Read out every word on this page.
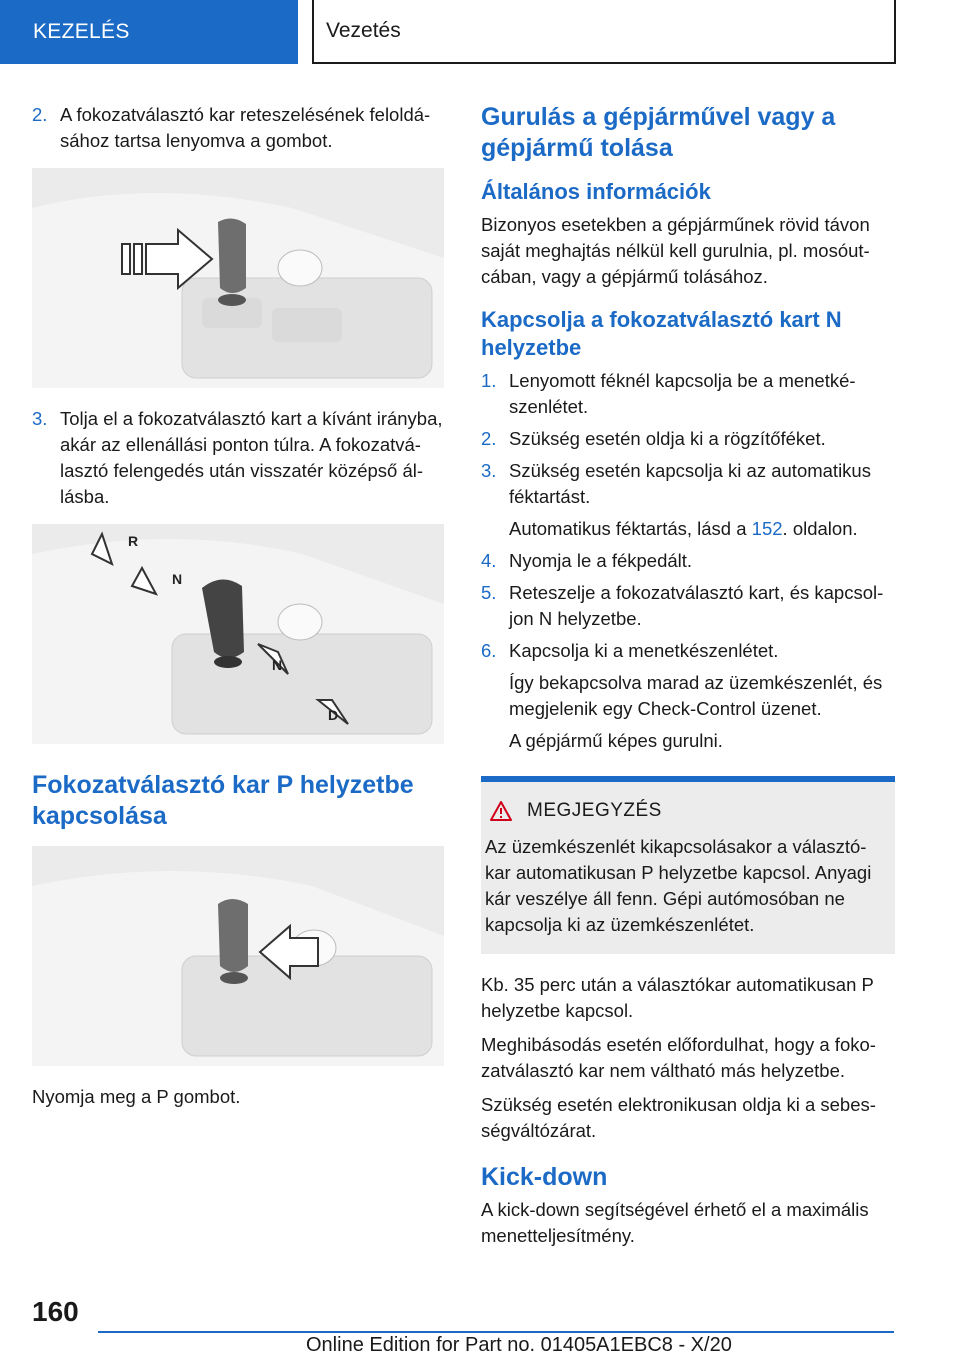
KEZELÉS	Vezetés
2. A fokozatválasztó kar reteszelésének feloldá- sához tartsa lenyomva a gombot.
3. Tolja el a fokozatválasztó kart a kívánt irányba, akár az ellenállási ponton túlra. A fokozatvá- lasztó felengedés után visszatér középső ál- lásba.
R
N
N
D
Fokozatválasztó kar P helyzetbe kapcsolása

Nyomja meg a P gombot.

Gurulás a gépjárművel vagy a gépjármű tolása
Általános információk

Bizonyos esetekben a gépjárműnek rövid távon saját meghajtás nélkül kell gurulnia, pl. mosóut- cában, vagy a gépjármű tolásához.

Kapcsolja a fokozatválasztó kart N helyzetbe
1. Lenyomott féknél kapcsolja be a menetké- szenlétet.
2. Szükség esetén oldja ki a rögzítőféket.
3. Szükség esetén kapcsolja ki az automatikus féktartást.
Automatikus féktartás, lásd a 152. oldalon.
4. Nyomja le a fékpedált.
5. Reteszelje a fokozatválasztó kart, és kapcsol- jon N helyzetbe.
6. Kapcsolja ki a menetkészenlétet.
Így bekapcsolva marad az üzemkészenlét, és megjelenik egy Check-Control üzenet.
A gépjármű képes gurulni.
MEGJEGYZÉS
Az üzemkészenlét kikapcsolásakor a választó- kar automatikusan P helyzetbe kapcsol. Anyagi kár veszélye áll fenn. Gépi autómosóban ne kapcsolja ki az üzemkészenlétet.

Kb. 35 perc után a választókar automatikusan P helyzetbe kapcsol.

Meghibásodás esetén előfordulhat, hogy a foko- zatválasztó kar nem váltható más helyzetbe.

Szükség esetén elektronikusan oldja ki a sebes- ségváltózárat.

Kick-down

A kick-down segítségével érhető el a maximális menetteljesítmény.

160
Online Edition for Part no. 01405A1EBC8 - X/20
